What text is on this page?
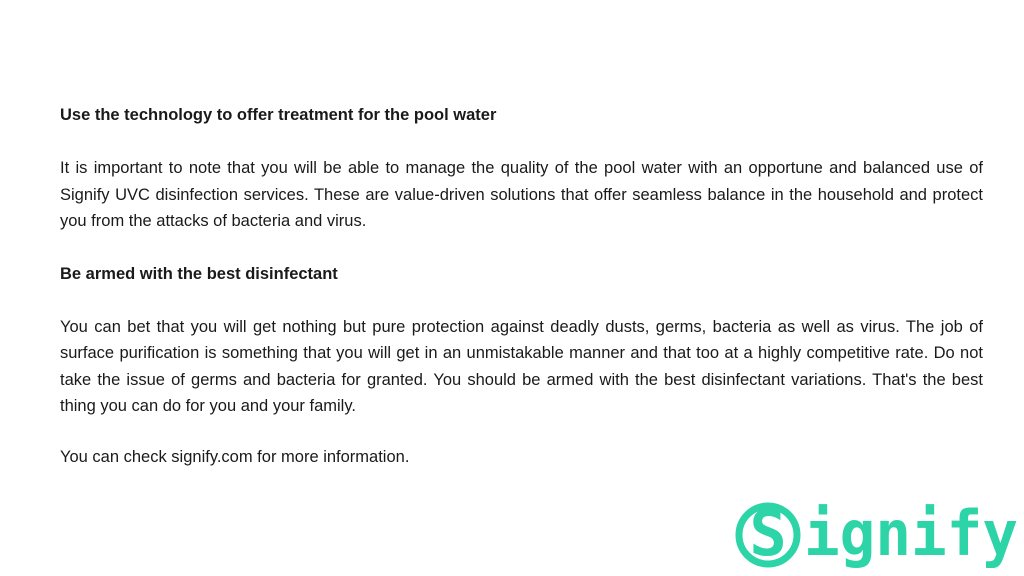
Use the technology to offer treatment for the pool water

It is important to note that you will be able to manage the quality of the pool water with an opportune and balanced use of Signify UVC disinfection services. These are value-driven solutions that offer seamless balance in the household and protect you from the attacks of bacteria and virus.

Be armed with the best disinfectant

You can bet that you will get nothing but pure protection against deadly dusts, germs, bacteria as well as virus. The job of surface purification is something that you will get in an unmistakable manner and that too at a highly competitive rate. Do not take the issue of germs and bacteria for granted. You should be armed with the best disinfectant variations. That's the best thing you can do for you and your family.

You can check signify.com for more information.

S ignify
